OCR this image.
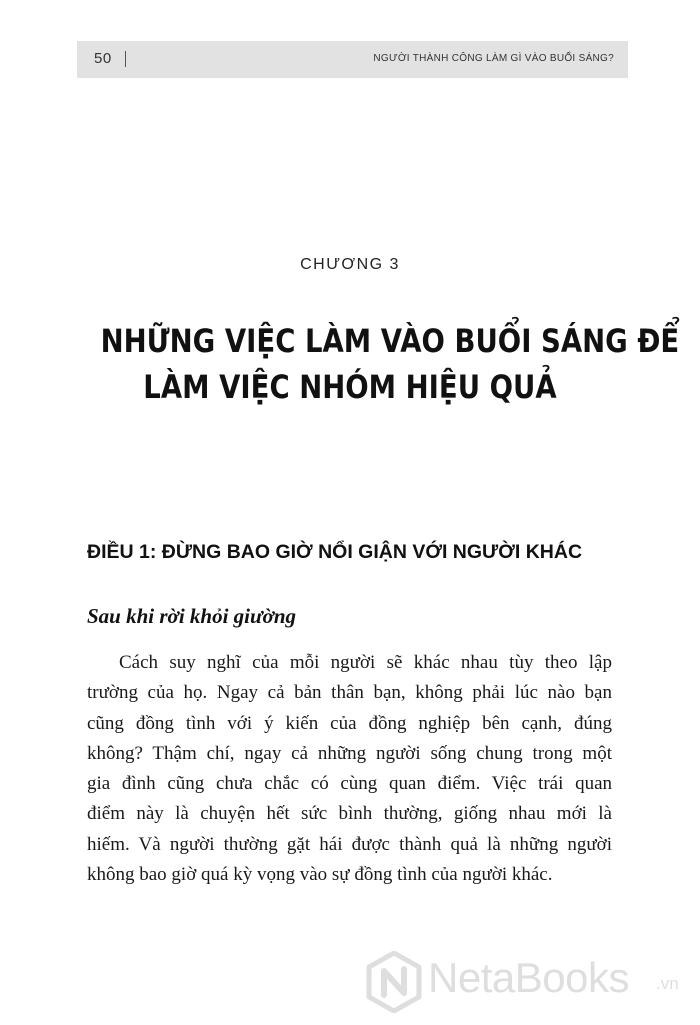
50	NGƯỜI THÀNH CÔNG LÀM GÌ VÀO BUỔI SÁNG?
CHƯƠNG 3
NHỮNG VIỆC LÀM VÀO BUỔI SÁNG ĐỂ
LÀM VIỆC NHÓM HIỆU QUẢ
ĐIỀU 1: ĐỪNG BAO GIỜ NỔI GIẬN VỚI NGƯỜI KHÁC
Sau khi rời khỏi giường
Cách suy nghĩ của mỗi người sẽ khác nhau tùy theo lập
trường của họ. Ngay cả bản thân bạn, không phải lúc nào bạn
cũng đồng tình với ý kiến của đồng nghiệp bên cạnh, đúng
không? Thậm chí, ngay cả những người sống chung trong một
gia đình cũng chưa chắc có cùng quan điểm. Việc trái quan
điểm này là chuyện hết sức bình thường, giống nhau mới là
hiếm. Và người thường gặt hái được thành quả là những người
không bao giờ quá kỳ vọng vào sự đồng tình của người khác.
NetaBooks .vn
